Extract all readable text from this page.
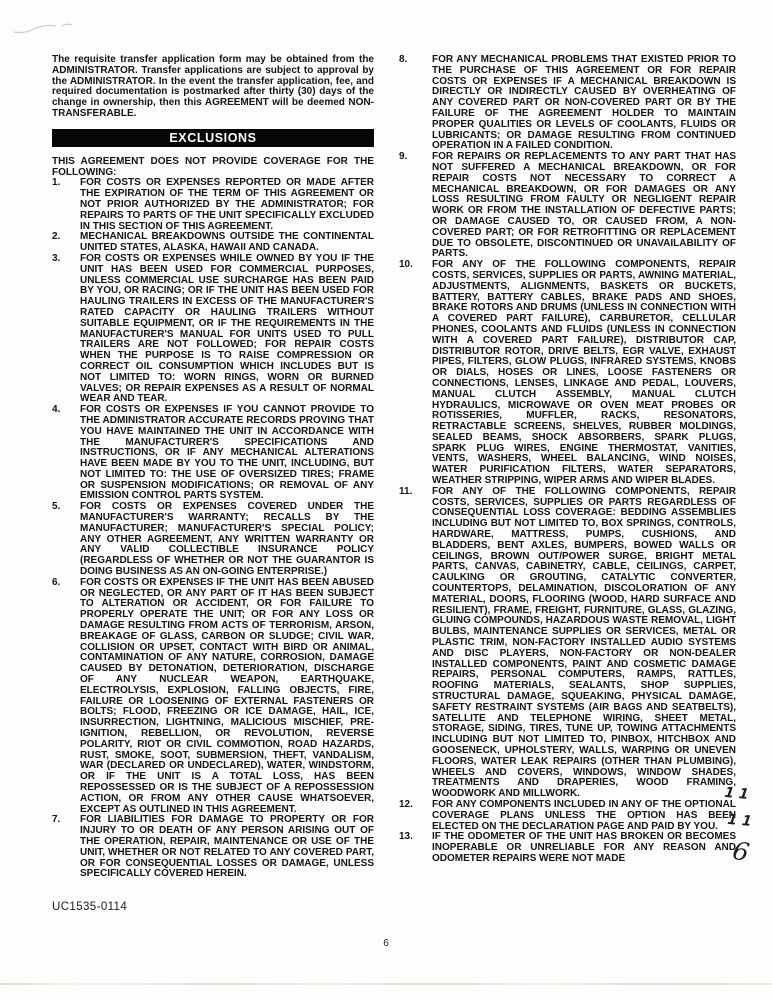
The requisite transfer application form may be obtained from the ADMINISTRATOR. Transfer applications are subject to approval by the ADMINISTRATOR. In the event the transfer application, fee, and required documentation is postmarked after thirty (30) days of the change in ownership, then this AGREEMENT will be deemed NON-TRANSFERABLE.

EXCLUSIONS

THIS AGREEMENT DOES NOT PROVIDE COVERAGE FOR THE FOLLOWING:

1.	FOR COSTS OR EXPENSES REPORTED OR MADE AFTER THE EXPIRATION OF THE TERM OF THIS AGREEMENT OR NOT PRIOR AUTHORIZED BY THE ADMINISTRATOR; FOR REPAIRS TO PARTS OF THE UNIT SPECIFICALLY EXCLUDED IN THIS SECTION OF THIS AGREEMENT.
2.	MECHANICAL BREAKDOWNS OUTSIDE THE CONTINENTAL UNITED STATES, ALASKA, HAWAII AND CANADA.
3.	FOR COSTS OR EXPENSES WHILE OWNED BY YOU IF THE UNIT HAS BEEN USED FOR COMMERCIAL PURPOSES, UNLESS COMMERCIAL USE SURCHARGE HAS BEEN PAID BY YOU, OR RACING; OR IF THE UNIT HAS BEEN USED FOR HAULING TRAILERS IN EXCESS OF THE MANUFACTURER'S RATED CAPACITY OR HAULING TRAILERS WITHOUT SUITABLE EQUIPMENT, OR IF THE REQUIREMENTS IN THE MANUFACTURER'S MANUAL FOR UNITS USED TO PULL TRAILERS ARE NOT FOLLOWED; FOR REPAIR COSTS WHEN THE PURPOSE IS TO RAISE COMPRESSION OR CORRECT OIL CONSUMPTION WHICH INCLUDES BUT IS NOT LIMITED TO: WORN RINGS, WORN OR BURNED VALVES; OR REPAIR EXPENSES AS A RESULT OF NORMAL WEAR AND TEAR.
4.	FOR COSTS OR EXPENSES IF YOU CANNOT PROVIDE TO THE ADMINISTRATOR ACCURATE RECORDS PROVING THAT YOU HAVE MAINTAINED THE UNIT IN ACCORDANCE WITH THE MANUFACTURER'S SPECIFICATIONS AND INSTRUCTIONS, OR IF ANY MECHANICAL ALTERATIONS HAVE BEEN MADE BY YOU TO THE UNIT, INCLUDING, BUT NOT LIMITED TO: THE USE OF OVERSIZED TIRES; FRAME OR SUSPENSION MODIFICATIONS; OR REMOVAL OF ANY EMISSION CONTROL PARTS SYSTEM.
5.	FOR COSTS OR EXPENSES COVERED UNDER THE MANUFACTURER'S WARRANTY; RECALLS BY THE MANUFACTURER; MANUFACTURER'S SPECIAL POLICY; ANY OTHER AGREEMENT, ANY WRITTEN WARRANTY OR ANY VALID COLLECTIBLE INSURANCE POLICY (REGARDLESS OF WHETHER OR NOT THE GUARANTOR IS DOING BUSINESS AS AN ON-GOING ENTERPRISE.)
6.	FOR COSTS OR EXPENSES IF THE UNIT HAS BEEN ABUSED OR NEGLECTED, OR ANY PART OF IT HAS BEEN SUBJECT TO ALTERATION OR ACCIDENT, OR FOR FAILURE TO PROPERLY OPERATE THE UNIT; OR FOR ANY LOSS OR DAMAGE RESULTING FROM ACTS OF TERRORISM, ARSON, BREAKAGE OF GLASS, CARBON OR SLUDGE; CIVIL WAR, COLLISION OR UPSET, CONTACT WITH BIRD OR ANIMAL, CONTAMINATION OF ANY NATURE, CORROSION, DAMAGE CAUSED BY DETONATION, DETERIORATION, DISCHARGE OF ANY NUCLEAR WEAPON, EARTHQUAKE, ELECTROLYSIS, EXPLOSION, FALLING OBJECTS, FIRE, FAILURE OR LOOSENING OF EXTERNAL FASTENERS OR BOLTS; FLOOD, FREEZING OR ICE DAMAGE, HAIL, ICE, INSURRECTION, LIGHTNING, MALICIOUS MISCHIEF, PRE-IGNITION, REBELLION, OR REVOLUTION, REVERSE POLARITY, RIOT OR CIVIL COMMOTION, ROAD HAZARDS, RUST, SMOKE, SOOT, SUBMERSION, THEFT, VANDALISM, WAR (DECLARED OR UNDECLARED), WATER, WINDSTORM, OR IF THE UNIT IS A TOTAL LOSS, HAS BEEN REPOSSESSED OR IS THE SUBJECT OF A REPOSSESSION ACTION, OR FROM ANY OTHER CAUSE WHATSOEVER, EXCEPT AS OUTLINED IN THIS AGREEMENT.
7.	FOR LIABILITIES FOR DAMAGE TO PROPERTY OR FOR INJURY TO OR DEATH OF ANY PERSON ARISING OUT OF THE OPERATION, REPAIR, MAINTENANCE OR USE OF THE UNIT, WHETHER OR NOT RELATED TO ANY COVERED PART, OR FOR CONSEQUENTIAL LOSSES OR DAMAGE, UNLESS SPECIFICALLY COVERED HEREIN.
8.	FOR ANY MECHANICAL PROBLEMS THAT EXISTED PRIOR TO THE PURCHASE OF THIS AGREEMENT OR FOR REPAIR COSTS OR EXPENSES IF A MECHANICAL BREAKDOWN IS DIRECTLY OR INDIRECTLY CAUSED BY OVERHEATING OF ANY COVERED PART OR NON-COVERED PART OR BY THE FAILURE OF THE AGREEMENT HOLDER TO MAINTAIN PROPER QUALITIES OR LEVELS OF COOLANTS, FLUIDS OR LUBRICANTS; OR DAMAGE RESULTING FROM CONTINUED OPERATION IN A FAILED CONDITION.
9.	FOR REPAIRS OR REPLACEMENTS TO ANY PART THAT HAS NOT SUFFERED A MECHANICAL BREAKDOWN, OR FOR REPAIR COSTS NOT NECESSARY TO CORRECT A MECHANICAL BREAKDOWN, OR FOR DAMAGES OR ANY LOSS RESULTING FROM FAULTY OR NEGLIGENT REPAIR WORK OR FROM THE INSTALLATION OF DEFECTIVE PARTS; OR DAMAGE CAUSED TO, OR CAUSED FROM, A NON-COVERED PART; OR FOR RETROFITTING OR REPLACEMENT DUE TO OBSOLETE, DISCONTINUED OR UNAVAILABILITY OF PARTS.
10.	FOR ANY OF THE FOLLOWING COMPONENTS, REPAIR COSTS, SERVICES, SUPPLIES OR PARTS, AWNING MATERIAL, ADJUSTMENTS, ALIGNMENTS, BASKETS OR BUCKETS, BATTERY, BATTERY CABLES, BRAKE PADS AND SHOES, BRAKE ROTORS AND DRUMS (UNLESS IN CONNECTION WITH A COVERED PART FAILURE), CARBURETOR, CELLULAR PHONES, COOLANTS AND FLUIDS (UNLESS IN CONNECTION WITH A COVERED PART FAILURE), DISTRIBUTOR CAP, DISTRIBUTOR ROTOR, DRIVE BELTS, EGR VALVE, EXHAUST PIPES, FILTERS, GLOW PLUGS, INFRARED SYSTEMS, KNOBS OR DIALS, HOSES OR LINES, LOOSE FASTENERS OR CONNECTIONS, LENSES, LINKAGE AND PEDAL, LOUVERS, MANUAL CLUTCH ASSEMBLY, MANUAL CLUTCH HYDRAULICS, MICROWAVE OR OVEN MEAT PROBES OR ROTISSERIES, MUFFLER, RACKS, RESONATORS, RETRACTABLE SCREENS, SHELVES, RUBBER MOLDINGS, SEALED BEAMS, SHOCK ABSORBERS, SPARK PLUGS, SPARK PLUG WIRES, ENGINE THERMOSTAT, VANITIES, VENTS, WASHERS, WHEEL BALANCING, WIND NOISES, WATER PURIFICATION FILTERS, WATER SEPARATORS, WEATHER STRIPPING, WIPER ARMS AND WIPER BLADES.
11.	FOR ANY OF THE FOLLOWING COMPONENTS, REPAIR COSTS, SERVICES, SUPPLIES OR PARTS REGARDLESS OF CONSEQUENTIAL LOSS COVERAGE: BEDDING ASSEMBLIES INCLUDING BUT NOT LIMITED TO, BOX SPRINGS, CONTROLS, HARDWARE, MATTRESS, PUMPS, CUSHIONS, AND BLADDERS, BENT AXLES, BUMPERS, BOWED WALLS OR CEILINGS, BROWN OUT/POWER SURGE, BRIGHT METAL PARTS, CANVAS, CABINETRY, CABLE, CEILINGS, CARPET, CAULKING OR GROUTING, CATALYTIC CONVERTER, COUNTERTOPS, DELAMINATION, DISCOLORATION OF ANY MATERIAL, DOORS, FLOORING (WOOD, HARD SURFACE AND RESILIENT), FRAME, FREIGHT, FURNITURE, GLASS, GLAZING, GLUING COMPOUNDS, HAZARDOUS WASTE REMOVAL, LIGHT BULBS, MAINTENANCE SUPPLIES OR SERVICES, METAL OR PLASTIC TRIM, NON-FACTORY INSTALLED AUDIO SYSTEMS AND DISC PLAYERS, NON-FACTORY OR NON-DEALER INSTALLED COMPONENTS, PAINT AND COSMETIC DAMAGE REPAIRS, PERSONAL COMPUTERS, RAMPS, RATTLES, ROOFING MATERIALS, SEALANTS, SHOP SUPPLIES, STRUCTURAL DAMAGE, SQUEAKING, PHYSICAL DAMAGE, SAFETY RESTRAINT SYSTEMS (AIR BAGS AND SEATBELTS), SATELLITE AND TELEPHONE WIRING, SHEET METAL, STORAGE, SIDING, TIRES, TUNE UP, TOWING ATTACHMENTS INCLUDING BUT NOT LIMITED TO, PINBOX, HITCHBOX AND GOOSENECK, UPHOLSTERY, WALLS, WARPING OR UNEVEN FLOORS, WATER LEAK REPAIRS (OTHER THAN PLUMBING), WHEELS AND COVERS, WINDOWS, WINDOW SHADES, TREATMENTS AND DRAPERIES, WOOD FRAMING, WOODWORK AND MILLWORK.
12.	FOR ANY COMPONENTS INCLUDED IN ANY OF THE OPTIONAL COVERAGE PLANS UNLESS THE OPTION HAS BEEN ELECTED ON THE DECLARATION PAGE AND PAID BY YOU.
13.	IF THE ODOMETER OF THE UNIT HAS BROKEN OR BECOMES INOPERABLE OR UNRELIABLE FOR ANY REASON AND ODOMETER REPAIRS WERE NOT MADE
UC1535-0114
6
11
11
6
